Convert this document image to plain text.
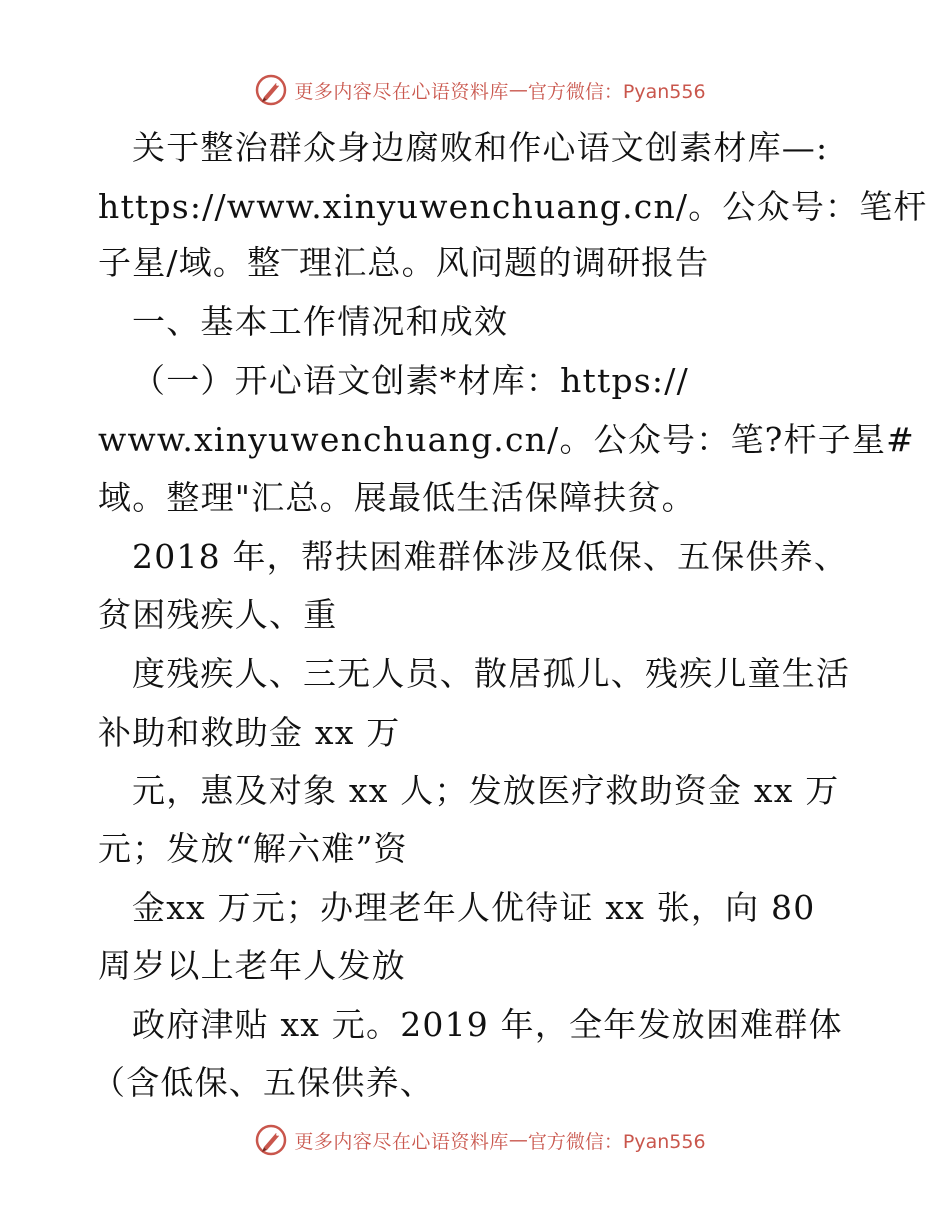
更多内容尽在心语资料库 — 官方微信：Pyan556
关于整治群众身边腐败和作心语文创素材库—:
https://www.xinyuwenchuang.cn/。公众号：笔杆
子星/域。整‾理汇总。风问题的调研报告
一、基本工作情况和成效
（一）开心语文创素*材库：https://
www.xinyuwenchuang.cn/。公众号：笔?杆子星#
域。整理"汇总。展最低生活保障扶贫。
2018 年，帮扶困难群体涉及低保、五保供养、
贫困残疾人、重
度残疾人、三无人员、散居孤儿、残疾儿童生活
补助和救助金 xx 万
元，惠及对象 xx 人；发放医疗救助资金 xx 万
元；发放“解六难”资
金xx 万元；办理老年人优待证 xx 张，向 80
周岁以上老年人发放
政府津贴 xx 元。2019 年，全年发放困难群体
（含低保、五保供养、
更多内容尽在心语资料库 — 官方微信：Pyan556
